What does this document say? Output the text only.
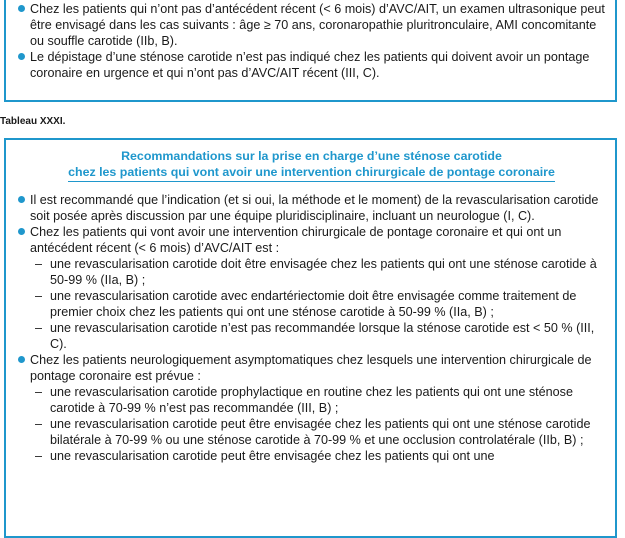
Chez les patients qui n’ont pas d’antécédent récent (< 6 mois) d’AVC/AIT, un examen ultrasonique peut être envisagé dans les cas suivants : âge ≥ 70 ans, coronaropathie pluritronculaire, AMI concomitante ou souffle carotide (IIb, B).
Le dépistage d’une sténose carotide n’est pas indiqué chez les patients qui doivent avoir un pontage coronaire en urgence et qui n’ont pas d’AVC/AIT récent (III, C).
Tableau XXXI.
Recommandations sur la prise en charge d’une sténose carotide
chez les patients qui vont avoir une intervention chirurgicale de pontage coronaire
Il est recommandé que l’indication (et si oui, la méthode et le moment) de la revascularisation carotide soit posée après discussion par une équipe pluridisciplinaire, incluant un neurologue (I, C).
Chez les patients qui vont avoir une intervention chirurgicale de pontage coronaire et qui ont un antécédent récent (< 6 mois) d’AVC/AIT est :
– une revascularisation carotide doit être envisagée chez les patients qui ont une sténose carotide à 50-99 % (IIa, B) ;
– une revascularisation carotide avec endartériectomie doit être envisagée comme traitement de premier choix chez les patients qui ont une sténose carotide à 50-99 % (IIa, B) ;
– une revascularisation carotide n’est pas recommandée lorsque la sténose carotide est < 50 % (III, C).
Chez les patients neurologiquement asymptomatiques chez lesquels une intervention chirurgicale de pontage coronaire est prévue :
– une revascularisation carotide prophylactique en routine chez les patients qui ont une sténose carotide à 70-99 % n’est pas recommandée (III, B) ;
– une revascularisation carotide peut être envisagée chez les patients qui ont une sténose carotide bilatérale à 70-99 % ou une sténose carotide à 70-99 % et une occlusion controlatérale (IIb, B) ;
– une revascularisation carotide peut être envisagée chez les patients qui ont une
